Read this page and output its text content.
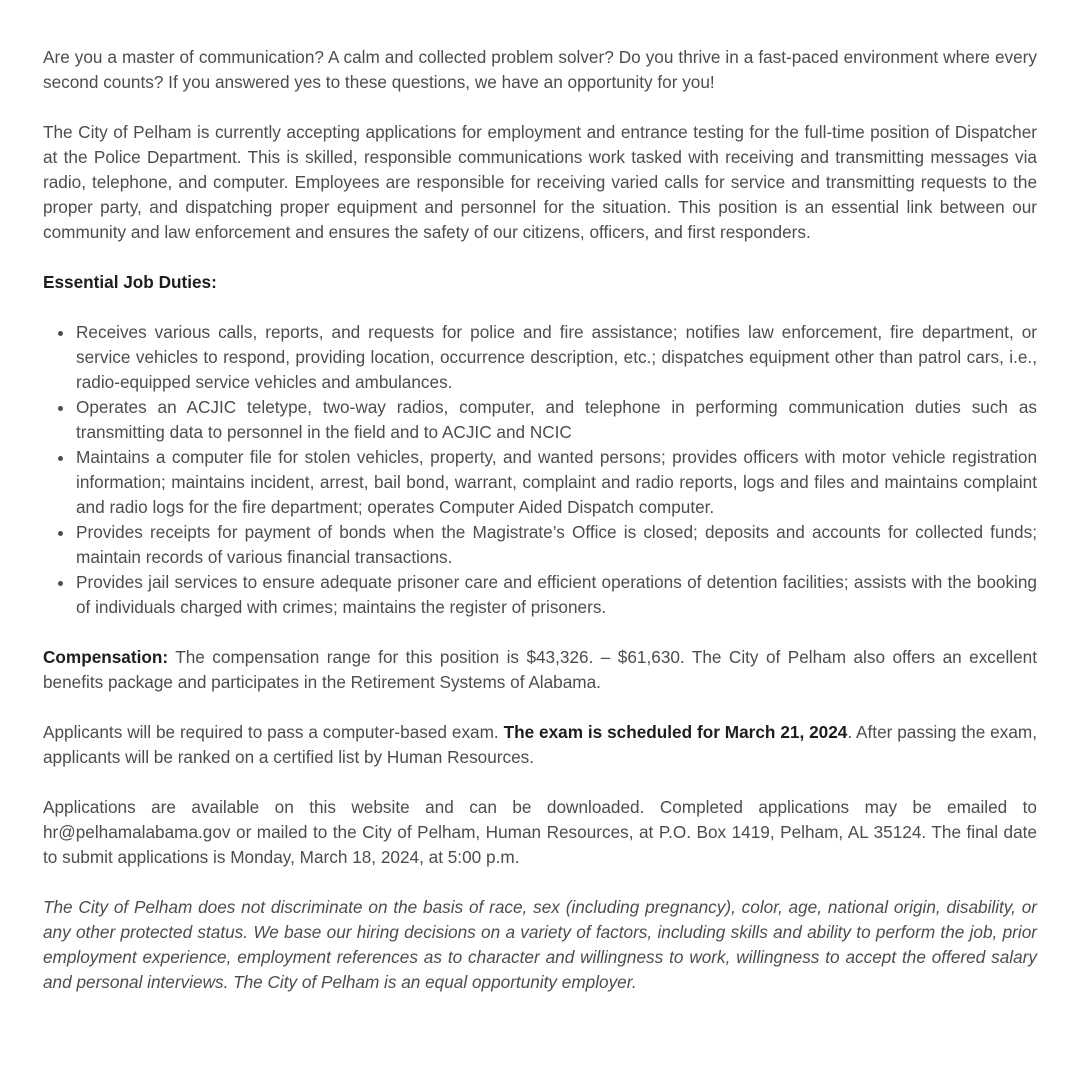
Are you a master of communication? A calm and collected problem solver? Do you thrive in a fast-paced environment where every second counts? If you answered yes to these questions, we have an opportunity for you!

The City of Pelham is currently accepting applications for employment and entrance testing for the full-time position of Dispatcher at the Police Department. This is skilled, responsible communications work tasked with receiving and transmitting messages via radio, telephone, and computer. Employees are responsible for receiving varied calls for service and transmitting requests to the proper party, and dispatching proper equipment and personnel for the situation. This position is an essential link between our community and law enforcement and ensures the safety of our citizens, officers, and first responders.

Essential Job Duties:

• Receives various calls, reports, and requests for police and fire assistance; notifies law enforcement, fire department, or service vehicles to respond, providing location, occurrence description, etc.; dispatches equipment other than patrol cars, i.e., radio-equipped service vehicles and ambulances.
• Operates an ACJIC teletype, two-way radios, computer, and telephone in performing communication duties such as transmitting data to personnel in the field and to ACJIC and NCIC
• Maintains a computer file for stolen vehicles, property, and wanted persons; provides officers with motor vehicle registration information; maintains incident, arrest, bail bond, warrant, complaint and radio reports, logs and files and maintains complaint and radio logs for the fire department; operates Computer Aided Dispatch computer.
• Provides receipts for payment of bonds when the Magistrate’s Office is closed; deposits and accounts for collected funds; maintain records of various financial transactions.
• Provides jail services to ensure adequate prisoner care and efficient operations of detention facilities; assists with the booking of individuals charged with crimes; maintains the register of prisoners.

Compensation: The compensation range for this position is $43,326. – $61,630. The City of Pelham also offers an excellent benefits package and participates in the Retirement Systems of Alabama.

Applicants will be required to pass a computer-based exam. The exam is scheduled for March 21, 2024. After passing the exam, applicants will be ranked on a certified list by Human Resources.

Applications are available on this website and can be downloaded. Completed applications may be emailed to hr@pelhamalabama.gov or mailed to the City of Pelham, Human Resources, at P.O. Box 1419, Pelham, AL 35124. The final date to submit applications is Monday, March 18, 2024, at 5:00 p.m.

The City of Pelham does not discriminate on the basis of race, sex (including pregnancy), color, age, national origin, disability, or any other protected status. We base our hiring decisions on a variety of factors, including skills and ability to perform the job, prior employment experience, employment references as to character and willingness to work, willingness to accept the offered salary and personal interviews. The City of Pelham is an equal opportunity employer.
